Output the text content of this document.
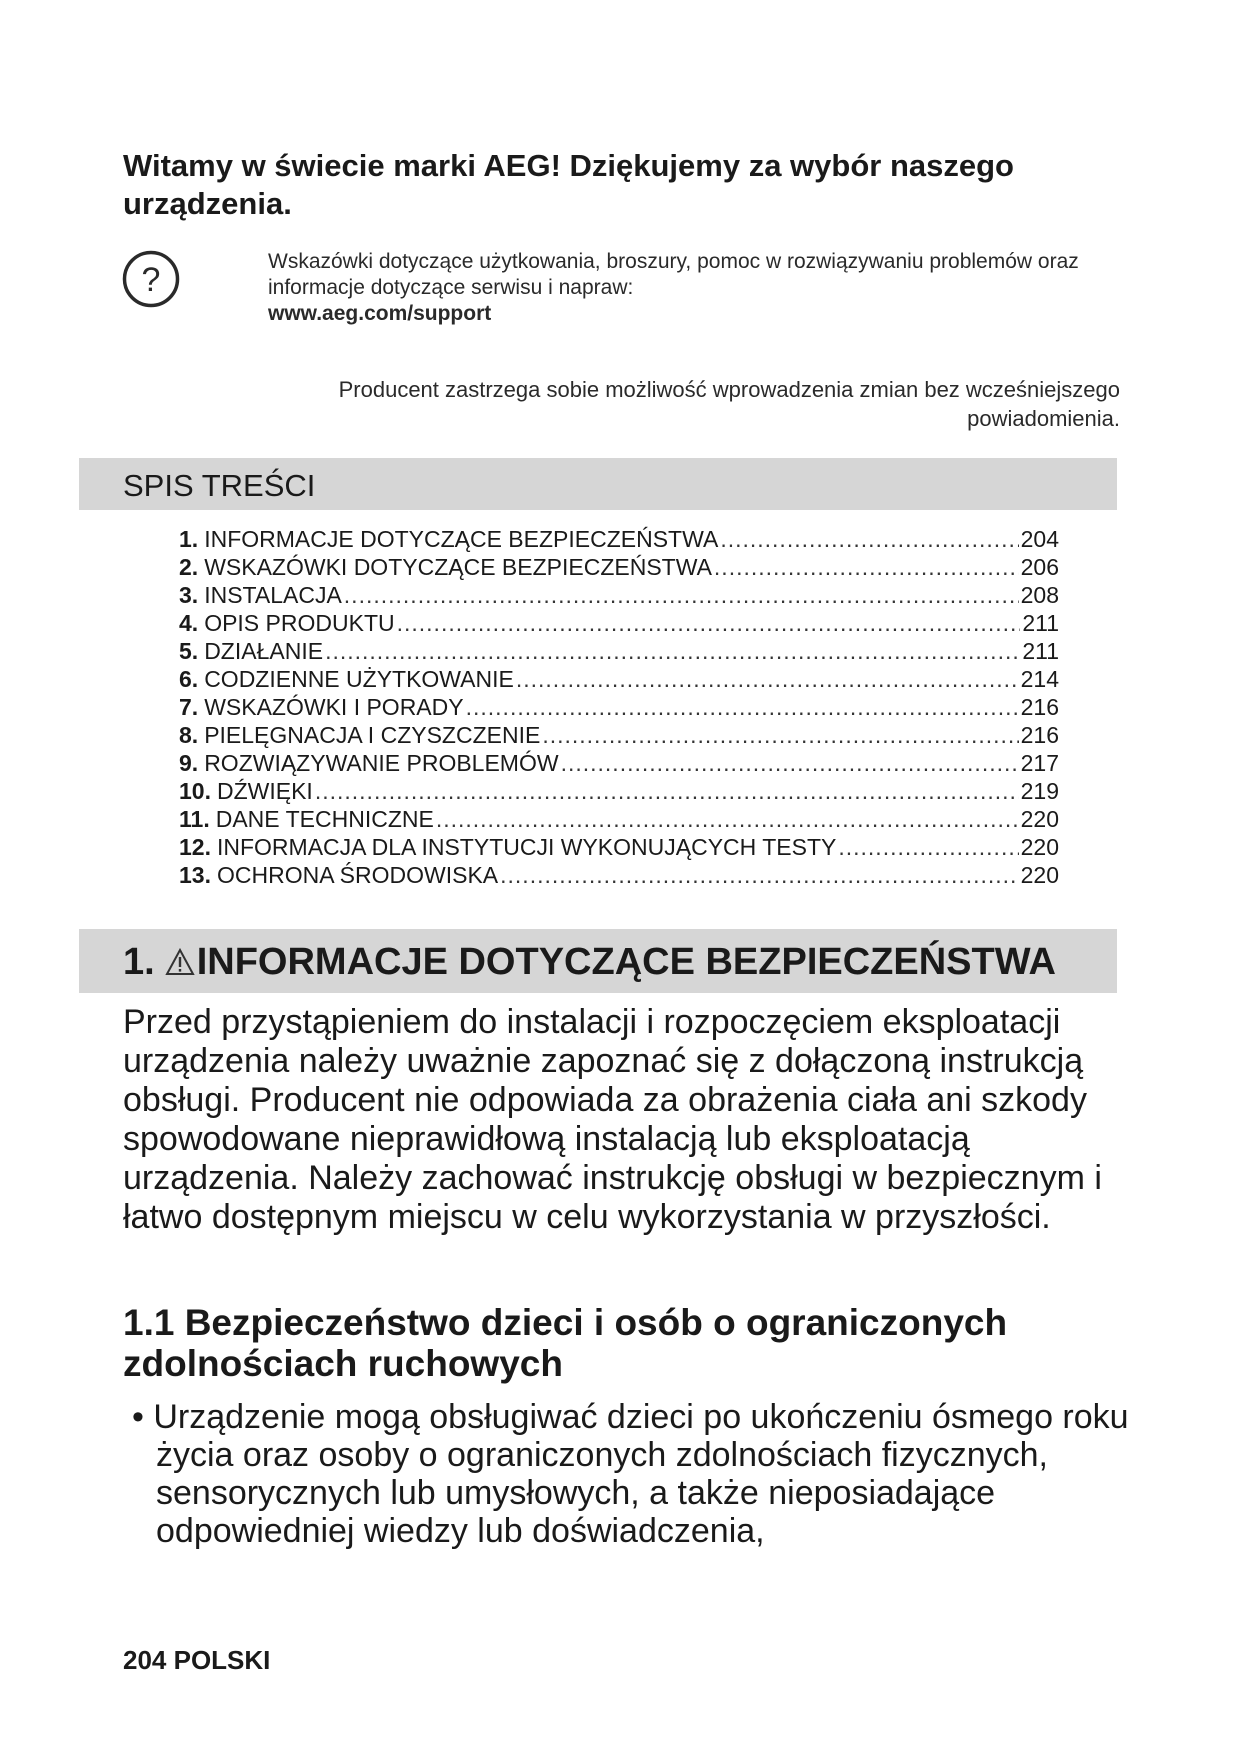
Witamy w świecie marki AEG! Dziękujemy za wybór naszego urządzenia.
?	Wskazówki dotyczące użytkowania, broszury, pomoc w rozwiązywaniu problemów oraz informacje dotyczące serwisu i napraw:
www.aeg.com/support
Producent zastrzega sobie możliwość wprowadzenia zmian bez wcześniejszego powiadomienia.
SPIS TREŚCI
1. INFORMACJE DOTYCZĄCE BEZPIECZEŃSTWA .....	204
2. WSKAZÓWKI DOTYCZĄCE BEZPIECZEŃSTWA .....	206
3. INSTALACJA .....	208
4. OPIS PRODUKTU .....	211
5. DZIAŁANIE .....	211
6. CODZIENNE UŻYTKOWANIE .....	214
7. WSKAZÓWKI I PORADY .....	216
8. PIELĘGNACJA I CZYSZCZENIE .....	216
9. ROZWIĄZYWANIE PROBLEMÓW .....	217
10. DŹWIĘKI .....	219
11. DANE TECHNICZNE .....	220
12. INFORMACJA DLA INSTYTUCJI WYKONUJĄCYCH TESTY .....	220
13. OCHRONA ŚRODOWISKA .....	220
1. INFORMACJE DOTYCZĄCE BEZPIECZEŃSTWA

Przed przystąpieniem do instalacji i rozpoczęciem eksploatacji urządzenia należy uważnie zapoznać się z dołączoną instrukcją obsługi. Producent nie odpowiada za obrażenia ciała ani szkody spowodowane nieprawidłową instalacją lub eksploatacją urządzenia. Należy zachować instrukcję obsługi w bezpiecznym i łatwo dostępnym miejscu w celu wykorzystania w przyszłości.

1.1 Bezpieczeństwo dzieci i osób o ograniczonych zdolnościach ruchowych

• Urządzenie mogą obsługiwać dzieci po ukończeniu ósmego roku życia oraz osoby o ograniczonych zdolnościach fizycznych, sensorycznych lub umysłowych, a także nieposiadające odpowiedniej wiedzy lub doświadczenia,

204 POLSKI
